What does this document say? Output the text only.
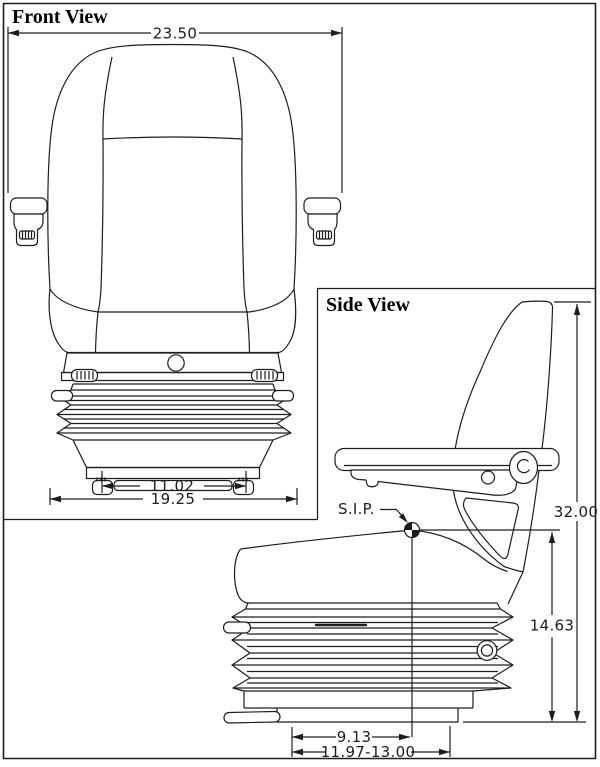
23.50
11.02
19.25
Front View
S.I.P.	32.00
14.63
9.13
11.97-13.00
Side View
